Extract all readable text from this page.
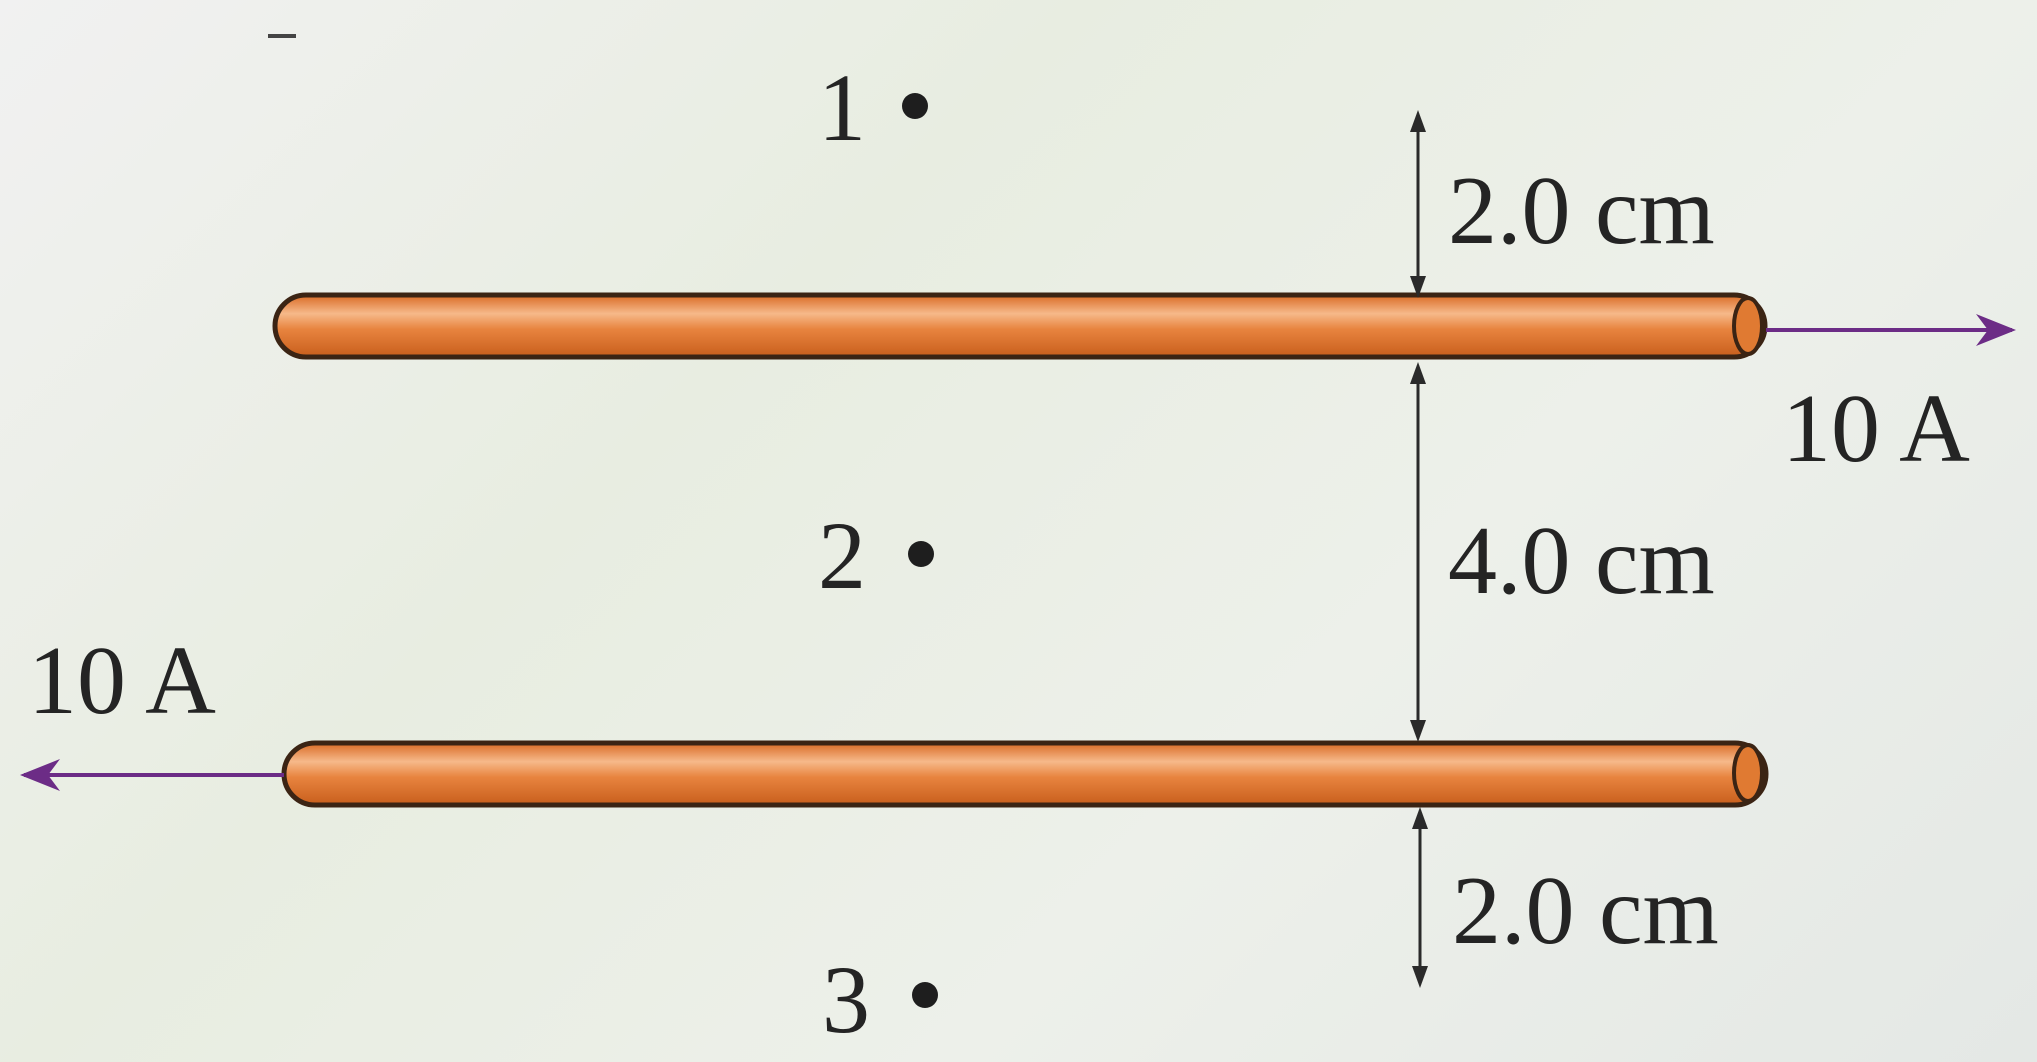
1
2
3
2.0 cm
4.0 cm
2.0 cm
10 A
10 A
